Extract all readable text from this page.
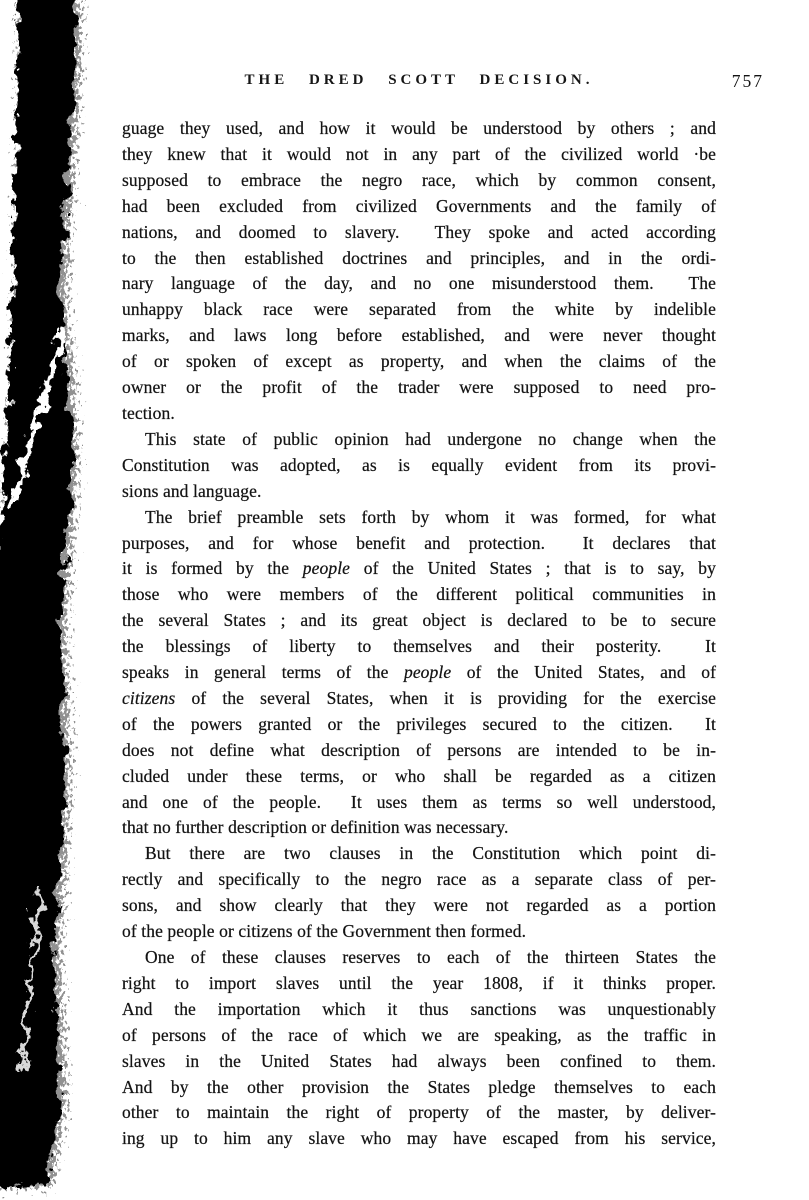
THE DRED SCOTT DECISION.	757
guage they used, and how it would be understood by others ; and
they knew that it would not in any part of the civilized world ·be
supposed to embrace the negro race, which by common consent,
had been excluded from civilized Governments and the family of
nations, and doomed to slavery.  They spoke and acted according
to the then established doctrines and principles, and in the ordi-
nary language of the day, and no one misunderstood them.  The
unhappy black race were separated from the white by indelible
marks, and laws long before established, and were never thought
of or spoken of except as property, and when the claims of the
owner or the profit of the trader were supposed to need pro-
tection.
This state of public opinion had undergone no change when the
Constitution was adopted, as is equally evident from its provi-
sions and language.
The brief preamble sets forth by whom it was formed, for what
purposes, and for whose benefit and protection.  It declares that
it is formed by the people of the United States ; that is to say, by
those who were members of the different political communities in
the several States ; and its great object is declared to be to secure
the blessings of liberty to themselves and their posterity.  It
speaks in general terms of the people of the United States, and of
citizens of the several States, when it is providing for the exercise
of the powers granted or the privileges secured to the citizen.  It
does not define what description of persons are intended to be in-
cluded under these terms, or who shall be regarded as a citizen
and one of the people.  It uses them as terms so well understood,
that no further description or definition was necessary.
But there are two clauses in the Constitution which point di-
rectly and specifically to the negro race as a separate class of per-
sons, and show clearly that they were not regarded as a portion
of the people or citizens of the Government then formed.
One of these clauses reserves to each of the thirteen States the
right to import slaves until the year 1808, if it thinks proper.
And the importation which it thus sanctions was unquestionably
of persons of the race of which we are speaking, as the traffic in
slaves in the United States had always been confined to them.
And by the other provision the States pledge themselves to each
other to maintain the right of property of the master, by deliver-
ing up to him any slave who may have escaped from his service,
